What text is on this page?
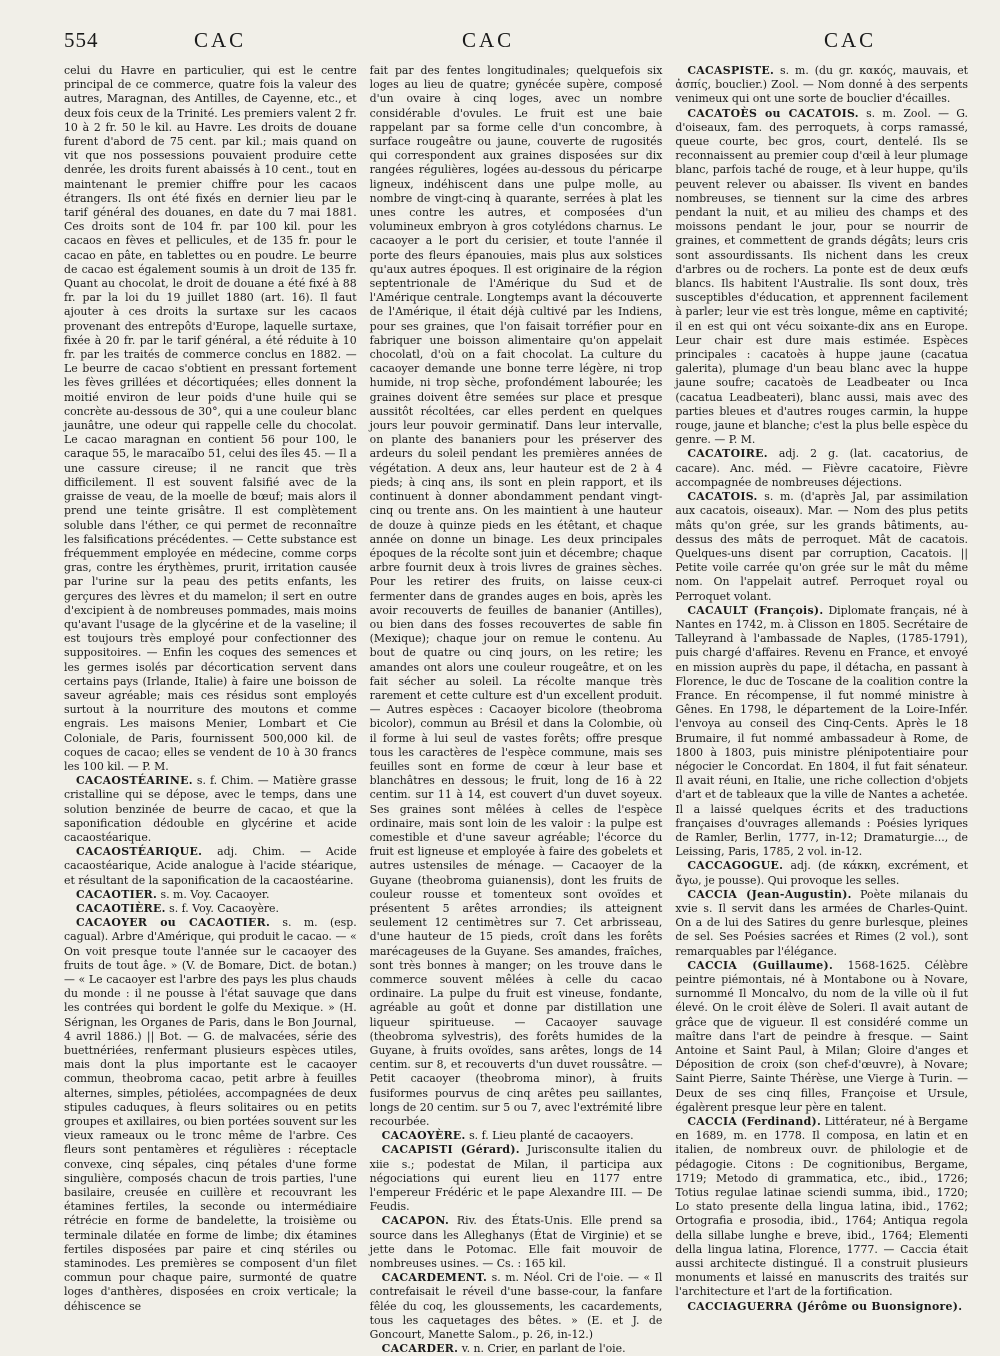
554	CAC	CAC	CAC

celui du Havre en particulier, qui est le centre principal de ce commerce, quatre fois la valeur des autres, Maragnan, des Antilles, de Cayenne, etc., et deux fois ceux de la Trinité. Les premiers valent 2 fr. 10 à 2 fr. 50 le kil. au Havre. Les droits de douane furent d'abord de 75 cent. par kil.; mais quand on vit que nos possessions pouvaient produire cette denrée, les droits furent abaissés à 10 cent., tout en maintenant le premier chiffre pour les cacaos étrangers. Ils ont été fixés en dernier lieu par le tarif général des douanes, en date du 7 mai 1881. Ces droits sont de 104 fr. par 100 kil. pour les cacaos en fèves et pellicules, et de 135 fr. pour le cacao en pâte, en tablettes ou en poudre. Le beurre de cacao est également soumis à un droit de 135 fr. Quant au chocolat, le droit de douane a été fixé à 88 fr. par la loi du 19 juillet 1880 (art. 16). Il faut ajouter à ces droits la surtaxe sur les cacaos provenant des entrepôts d'Europe, laquelle surtaxe, fixée à 20 fr. par le tarif général, a été réduite à 10 fr. par les traités de commerce conclus en 1882. — Le beurre de cacao s'obtient en pressant fortement les fèves grillées et décortiquées; elles donnent la moitié environ de leur poids d'une huile qui se concrète au-dessous de 30°, qui a une couleur blanc jaunâtre, une odeur qui rappelle celle du chocolat. Le cacao maragnan en contient 56 pour 100, le caraque 55, le maracaïbo 51, celui des îles 45. — Il a une cassure cireuse; il ne rancit que très difficilement. Il est souvent falsifié avec de la graisse de veau, de la moelle de bœuf; mais alors il prend une teinte grisâtre. Il est complètement soluble dans l'éther, ce qui permet de reconnaître les falsifications précédentes. — Cette substance est fréquemment employée en médecine, comme corps gras, contre les érythèmes, prurit, irritation causée par l'urine sur la peau des petits enfants, les gerçures des lèvres et du mamelon; il sert en outre d'excipient à de nombreuses pommades, mais moins qu'avant l'usage de la glycérine et de la vaseline; il est toujours très employé pour confectionner des suppositoires. — Enfin les coques des semences et les germes isolés par décortication servent dans certains pays (Irlande, Italie) à faire une boisson de saveur agréable; mais ces résidus sont employés surtout à la nourriture des moutons et comme engrais. Les maisons Menier, Lombart et Cie Coloniale, de Paris, fournissent 500,000 kil. de coques de cacao; elles se vendent de 10 à 30 francs les 100 kil. — P. M.

CACAOSTÉARINE. s. f. Chim. — Matière grasse cristalline qui se dépose, avec le temps, dans une solution benzinée de beurre de cacao, et que la saponification dédouble en glycérine et acide cacaostéarique.

CACAOSTÉARIQUE. adj. Chim. — Acide cacaostéarique, Acide analogue à l'acide stéarique, et résultant de la saponification de la cacaostéarine.

CACAOTIER. s. m. Voy. Cacaoyer.

CACAOTIÈRE. s. f. Voy. Cacaoyère.

CACAOYER ou CACAOTIER. s. m. (esp. cagual). Arbre d'Amérique, qui produit le cacao. — « On voit presque toute l'année sur le cacaoyer des fruits de tout âge. » (V. de Bomare, Dict. de botan.) — « Le cacaoyer est l'arbre des pays les plus chauds du monde : il ne pousse à l'état sauvage que dans les contrées qui bordent le golfe du Mexique. » (H. Sérignan, les Organes de Paris, dans le Bon Journal, 4 avril 1886.) || Bot. — G. de malvacées, série des buettnériées, renfermant plusieurs espèces utiles, mais dont la plus importante est le cacaoyer commun, theobroma cacao, petit arbre à feuilles alternes, simples, pétiolées, accompagnées de deux stipules caduques, à fleurs solitaires ou en petits groupes et axillaires, ou bien portées souvent sur les vieux rameaux ou le tronc même de l'arbre. Ces fleurs sont pentamères et régulières : réceptacle convexe, cinq sépales, cinq pétales d'une forme singulière, composés chacun de trois parties, l'une basilaire, creusée en cuillère et recouvrant les étamines fertiles, la seconde ou intermédiaire rétrécie en forme de bandelette, la troisième ou terminale dilatée en forme de limbe; dix étamines fertiles disposées par paire et cinq stériles ou staminodes. Les premières se composent d'un filet commun pour chaque paire, surmonté de quatre loges d'anthères, disposées en croix verticale; la déhiscence se

fait par des fentes longitudinales; quelquefois six loges au lieu de quatre; gynécée supère, composé d'un ovaire à cinq loges, avec un nombre considérable d'ovules. Le fruit est une baie rappelant par sa forme celle d'un concombre, à surface rougeâtre ou jaune, couverte de rugosités qui correspondent aux graines disposées sur dix rangées régulières, logées au-dessous du péricarpe ligneux, indéhiscent dans une pulpe molle, au nombre de vingt-cinq à quarante, serrées à plat les unes contre les autres, et composées d'un volumineux embryon à gros cotylédons charnus. Le cacaoyer a le port du cerisier, et toute l'année il porte des fleurs épanouies, mais plus aux solstices qu'aux autres époques. Il est originaire de la région septentrionale de l'Amérique du Sud et de l'Amérique centrale. Longtemps avant la découverte de l'Amérique, il était déjà cultivé par les Indiens, pour ses graines, que l'on faisait torréfier pour en fabriquer une boisson alimentaire qu'on appelait chocolatl, d'où on a fait chocolat. La culture du cacaoyer demande une bonne terre légère, ni trop humide, ni trop sèche, profondément labourée; les graines doivent être semées sur place et presque aussitôt récoltées, car elles perdent en quelques jours leur pouvoir germinatif. Dans leur intervalle, on plante des bananiers pour les préserver des ardeurs du soleil pendant les premières années de végétation. A deux ans, leur hauteur est de 2 à 4 pieds; à cinq ans, ils sont en plein rapport, et ils continuent à donner abondamment pendant vingt-cinq ou trente ans. On les maintient à une hauteur de douze à quinze pieds en les étêtant, et chaque année on donne un binage. Les deux principales époques de la récolte sont juin et décembre; chaque arbre fournit deux à trois livres de graines sèches. Pour les retirer des fruits, on laisse ceux-ci fermenter dans de grandes auges en bois, après les avoir recouverts de feuilles de bananier (Antilles), ou bien dans des fosses recouvertes de sable fin (Mexique); chaque jour on remue le contenu. Au bout de quatre ou cinq jours, on les retire; les amandes ont alors une couleur rougeâtre, et on les fait sécher au soleil. La récolte manque très rarement et cette culture est d'un excellent produit. — Autres espèces : Cacaoyer bicolore (theobroma bicolor), commun au Brésil et dans la Colombie, où il forme à lui seul de vastes forêts; offre presque tous les caractères de l'espèce commune, mais ses feuilles sont en forme de cœur à leur base et blanchâtres en dessous; le fruit, long de 16 à 22 centim. sur 11 à 14, est couvert d'un duvet soyeux. Ses graines sont mêlées à celles de l'espèce ordinaire, mais sont loin de les valoir : la pulpe est comestible et d'une saveur agréable; l'écorce du fruit est ligneuse et employée à faire des gobelets et autres ustensiles de ménage. — Cacaoyer de la Guyane (theobroma guianensis), dont les fruits de couleur rousse et tomenteux sont ovoïdes et présentent 5 arêtes arrondies; ils atteignent seulement 12 centimètres sur 7. Cet arbrisseau, d'une hauteur de 15 pieds, croît dans les forêts marécageuses de la Guyane. Ses amandes, fraîches, sont très bonnes à manger; on les trouve dans le commerce souvent mêlées à celle du cacao ordinaire. La pulpe du fruit est vineuse, fondante, agréable au goût et donne par distillation une liqueur spiritueuse. — Cacaoyer sauvage (theobroma sylvestris), des forêts humides de la Guyane, à fruits ovoïdes, sans arêtes, longs de 14 centim. sur 8, et recouverts d'un duvet roussâtre. — Petit cacaoyer (theobroma minor), à fruits fusiformes pourvus de cinq arêtes peu saillantes, longs de 20 centim. sur 5 ou 7, avec l'extrémité libre recourbée.

CACAOYÈRE. s. f. Lieu planté de cacaoyers.

CACAPISTI (Gérard). Jurisconsulte italien du xiie s.; podestat de Milan, il participa aux négociations qui eurent lieu en 1177 entre l'empereur Frédéric et le pape Alexandre III. — De Feudis.

CACAPON. Riv. des États-Unis. Elle prend sa source dans les Alleghanys (État de Virginie) et se jette dans le Potomac. Elle fait mouvoir de nombreuses usines. — Cs. : 165 kil.

CACARDEMENT. s. m. Néol. Cri de l'oie. — « Il contrefaisait le réveil d'une basse-cour, la fanfare fêlée du coq, les gloussements, les cacardements, tous les caquetages des bêtes. » (E. et J. de Goncourt, Manette Salom., p. 26, in-12.)

CACARDER. v. n. Crier, en parlant de l'oie.

CACASPISTE. s. m. (du gr. κακός, mauvais, et ἀσπίς, bouclier.) Zool. — Nom donné à des serpents venimeux qui ont une sorte de bouclier d'écailles.

CACATOÈS ou CACATOIS. s. m. Zool. — G. d'oiseaux, fam. des perroquets, à corps ramassé, queue courte, bec gros, court, dentelé. Ils se reconnaissent au premier coup d'œil à leur plumage blanc, parfois taché de rouge, et à leur huppe, qu'ils peuvent relever ou abaisser. Ils vivent en bandes nombreuses, se tiennent sur la cime des arbres pendant la nuit, et au milieu des champs et des moissons pendant le jour, pour se nourrir de graines, et commettent de grands dégâts; leurs cris sont assourdissants. Ils nichent dans les creux d'arbres ou de rochers. La ponte est de deux œufs blancs. Ils habitent l'Australie. Ils sont doux, très susceptibles d'éducation, et apprennent facilement à parler; leur vie est très longue, même en captivité; il en est qui ont vécu soixante-dix ans en Europe. Leur chair est dure mais estimée. Espèces principales : cacatoès à huppe jaune (cacatua galerita), plumage d'un beau blanc avec la huppe jaune soufre; cacatoès de Leadbeater ou Inca (cacatua Leadbeateri), blanc aussi, mais avec des parties bleues et d'autres rouges carmin, la huppe rouge, jaune et blanche; c'est la plus belle espèce du genre. — P. M.

CACATOIRE. adj. 2 g. (lat. cacatorius, de cacare). Anc. méd. — Fièvre cacatoire, Fièvre accompagnée de nombreuses déjections.

CACATOIS. s. m. (d'après Jal, par assimilation aux cacatois, oiseaux). Mar. — Nom des plus petits mâts qu'on grée, sur les grands bâtiments, au-dessus des mâts de perroquet. Mât de cacatois. Quelques-uns disent par corruption, Cacatois. || Petite voile carrée qu'on grée sur le mât du même nom. On l'appelait autref. Perroquet royal ou Perroquet volant.

CACAULT (François). Diplomate français, né à Nantes en 1742, m. à Clisson en 1805. Secrétaire de Talleyrand à l'ambassade de Naples, (1785-1791), puis chargé d'affaires. Revenu en France, et envoyé en mission auprès du pape, il détacha, en passant à Florence, le duc de Toscane de la coalition contre la France. En récompense, il fut nommé ministre à Gênes. En 1798, le département de la Loire-Infér. l'envoya au conseil des Cinq-Cents. Après le 18 Brumaire, il fut nommé ambassadeur à Rome, de 1800 à 1803, puis ministre plénipotentiaire pour négocier le Concordat. En 1804, il fut fait sénateur. Il avait réuni, en Italie, une riche collection d'objets d'art et de tableaux que la ville de Nantes a achetée. Il a laissé quelques écrits et des traductions françaises d'ouvrages allemands : Poésies lyriques de Ramler, Berlin, 1777, in-12; Dramaturgie..., de Leissing, Paris, 1785, 2 vol. in-12.

CACCAGOGUE. adj. (de κάκκη, excrément, et ἄγω, je pousse). Qui provoque les selles.

CACCIA (Jean-Augustin). Poète milanais du xvie s. Il servit dans les armées de Charles-Quint. On a de lui des Satires du genre burlesque, pleines de sel. Ses Poésies sacrées et Rimes (2 vol.), sont remarquables par l'élégance.

CACCIA (Guillaume). 1568-1625. Célèbre peintre piémontais, né à Montabone ou à Novare, surnommé Il Moncalvo, du nom de la ville où il fut élevé. On le croit élève de Soleri. Il avait autant de grâce que de vigueur. Il est considéré comme un maître dans l'art de peindre à fresque. — Saint Antoine et Saint Paul, à Milan; Gloire d'anges et Déposition de croix (son chef-d'œuvre), à Novare; Saint Pierre, Sainte Thérèse, une Vierge à Turin. — Deux de ses cinq filles, Françoise et Ursule, égalèrent presque leur père en talent.

CACCIA (Ferdinand). Littérateur, né à Bergame en 1689, m. en 1778. Il composa, en latin et en italien, de nombreux ouvr. de philologie et de pédagogie. Citons : De cognitionibus, Bergame, 1719; Metodo di grammatica, etc., ibid., 1726; Totius regulae latinae sciendi summa, ibid., 1720; Lo stato presente della lingua latina, ibid., 1762; Ortografia e prosodia, ibid., 1764; Antiqua regola della sillabe lunghe e breve, ibid., 1764; Elementi della lingua latina, Florence, 1777. — Caccia était aussi architecte distingué. Il a construit plusieurs monuments et laissé en manuscrits des traités sur l'architecture et l'art de la fortification.

CACCIAGUERRA (Jérôme ou Buonsignore).
